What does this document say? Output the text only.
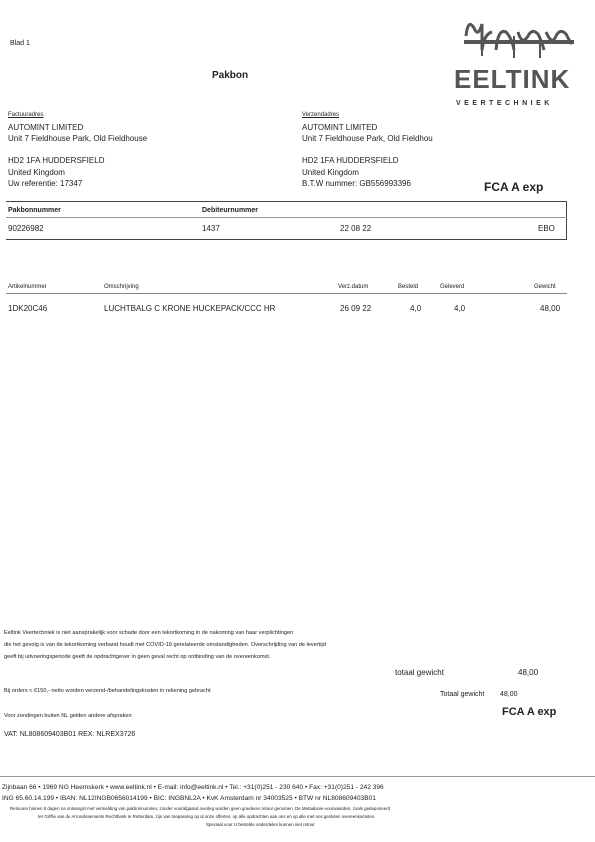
Blad 1
Pakbon	EELTINK
VEERTECHNIEK
Factuuradres
AUTOMINT LIMITED
Unit 7 Fieldhouse Park, Old Fieldhouse
HD2 1FA HUDDERSFIELD
United Kingdom
Uw referentie: 17347
Verzendadres
AUTOMINT LIMITED
Unit 7 Fieldhouse Park, Old Fieldhou
HD2 1FA HUDDERSFIELD
United Kingdom
B.T.W nummer: GB556993396	FCA A exp
Pakbonnummer	Debiteurnummer
90226982	1437	22 08 22	EBO
Artikelnummer	Omschrijving	Verz.datum	Besteld	Geleverd	Gewicht
1DK20C46	LUCHTBALG C KRONE HUCKEPACK/CCC HR	26 09 22	4,0	4,0	48,00
Eeltink Veertechniek is niet aansprakelijk voor schade door een tekortkoming in de nakoming van haar verplichtingen
die het gevolg is van de tekortkoming verband houdt met COVID-19 gerelateerde omstandigheden. Overschrijding van de levertijd
geeft bij uitvoeringsperiode geeft de opdrachtgever in geen geval recht op ontbinding van de overeenkomst.
totaal gewicht	48,00
Bij orders < €150,- netto worden verzend-/behandelingskosten in rekening gebracht	Totaal gewicht 48,00
FCA A exp
Voor zendingen buiten NL gelden andere afspraken
VAT: NL808609403B01 REX: NLREX3726
Zijnbaan 66 • 1969 NG Heemskerk • www.eeltink.nl • E-mail: info@eeltink.nl • Tel.: +31(0)251 - 230 640 • Fax: +31(0)251 - 242 396
ING 65.60.14.199 • IBAN: NL12INGB0656014199 • BIC: INGBNL2A • KvK Amsterdam nr 34003525 • BTW nr NL808609403B01
Retouren binnen 8 dagen na ontvangst met vermelding van pakbonnummer, zonder voorafgaand overleg worden geen goederen retour genomen. De Metaalunie-voorwaarden, zoals gedeponeerd
ter Griffie van de Arrondissements Rechtbank te Rotterdam, zijn van toepassing op al onze offertes, op alle opdrachten aan ons en op alle met ons gesloten overeenkomsten.
Speciaal voor U bestelde onderdelen kunnen niet retour
